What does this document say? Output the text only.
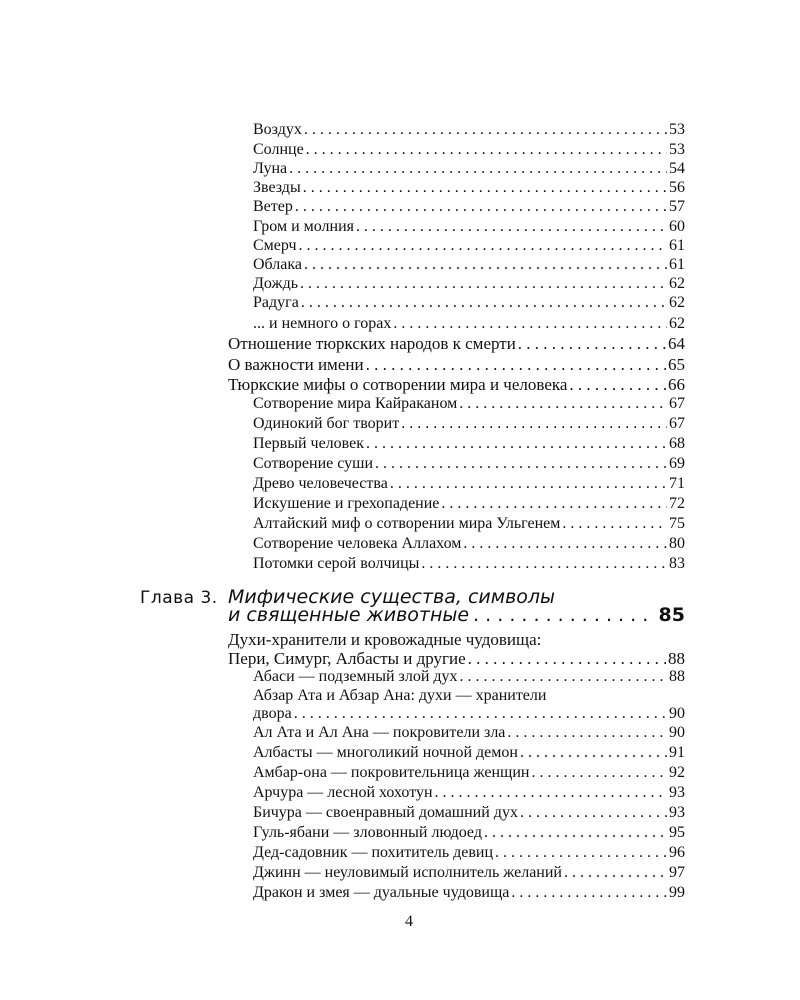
Воздух . . .	53
Солнце . . .	53
Луна . . .	54
Звезды . . .	56
Ветер . . .	57
Гром и молния . . .	60
Смерч . . .	61
Облака . . .	61
Дождь . . .	62
Радуга . . .	62
... и немного о горах . . .	62
Отношение тюркских народов к смерти . . .	64
О важности имени . . .	65
Тюркские мифы о сотворении мира и человека . . .	66
Сотворение мира Кайраканом . . .	67
Одинокий бог творит . . .	67
Первый человек . . .	68
Сотворение суши . . .	69
Древо человечества . . .	71
Искушение и грехопадение . . .	72
Алтайский миф о сотворении мира Ульгенем . . .	75
Сотворение человека Аллахом . . .	80
Потомки серой волчицы . . .	83
Глава 3. Мифические существа, символы
и священные животные . . .	85
Духи-хранители и кровожадные чудовища:
Пери, Симург, Албасты и другие . . .	88
Абаси — подземный злой дух . . .	88
Абзар Ата и Абзар Ана: духи — хранители
двора . . .	90
Ал Ата и Ал Ана — покровители зла . . .	90
Албасты — многоликий ночной демон . . .	91
Амбар-она — покровительница женщин . . .	92
Арчура — лесной хохотун . . .	93
Бичура — своенравный домашний дух . . .	93
Гуль-ябани — зловонный людоед . . .	95
Дед-садовник — похититель девиц . . .	96
Джинн — неуловимый исполнитель желаний . . .	97
Дракон и змея — дуальные чудовища . . .	99
4
